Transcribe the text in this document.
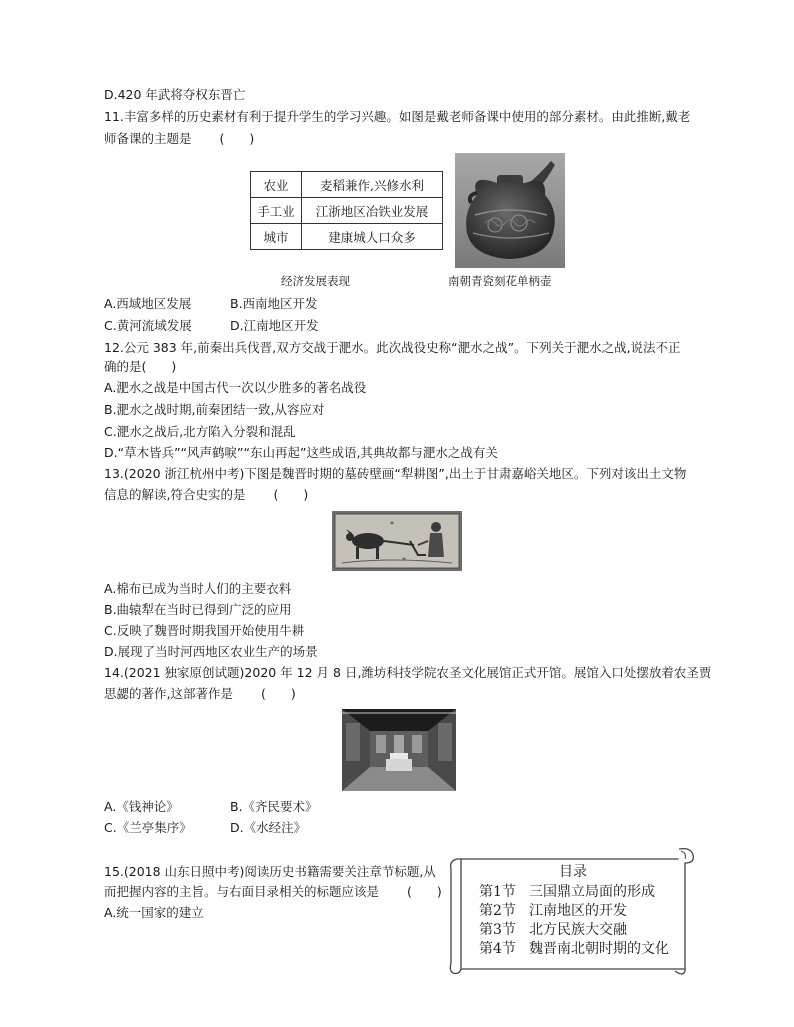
D.420 年武将夺权东晋亡
11.丰富多样的历史素材有利于提升学生的学习兴趣。如图是戴老师备课中使用的部分素材。由此推断,戴老
师备课的主题是 (　　)
农业	麦稻兼作,兴修水利
手工业	江浙地区冶铁业发展
城市	建康城人口众多
经济发展表现	南朝青瓷刻花单柄壶
A.西域地区发展	B.西南地区开发
C.黄河流域发展	D.江南地区开发
12.公元 383 年,前秦出兵伐晋,双方交战于淝水。此次战役史称“淝水之战”。下列关于淝水之战,说法不正
确的是(　　)
A.淝水之战是中国古代一次以少胜多的著名战役
B.淝水之战时期,前秦团结一致,从容应对
C.淝水之战后,北方陷入分裂和混乱
D.“草木皆兵”“风声鹤唳”“东山再起”这些成语,其典故都与淝水之战有关
13.(2020 浙江杭州中考)下图是魏晋时期的墓砖壁画“犁耕图”,出土于甘肃嘉峪关地区。下列对该出土文物
信息的解读,符合史实的是 (　　)
A.棉布已成为当时人们的主要衣料
B.曲辕犁在当时已得到广泛的应用
C.反映了魏晋时期我国开始使用牛耕
D.展现了当时河西地区农业生产的场景
14.(2021 独家原创试题)2020 年 12 月 8 日,潍坊科技学院农圣文化展馆正式开馆。展馆入口处摆放着农圣贾
思勰的著作,这部著作是 (　　)
A.《钱神论》	B.《齐民要术》
C.《兰亭集序》	D.《水经注》
15.(2018 山东日照中考)阅读历史书籍需要关注章节标题,从
而把握内容的主旨。与右面目录相关的标题应该是 (　　)
A.统一国家的建立
目录
第1节 三国鼎立局面的形成
第2节 江南地区的开发
第3节 北方民族大交融
第4节 魏晋南北朝时期的文化
